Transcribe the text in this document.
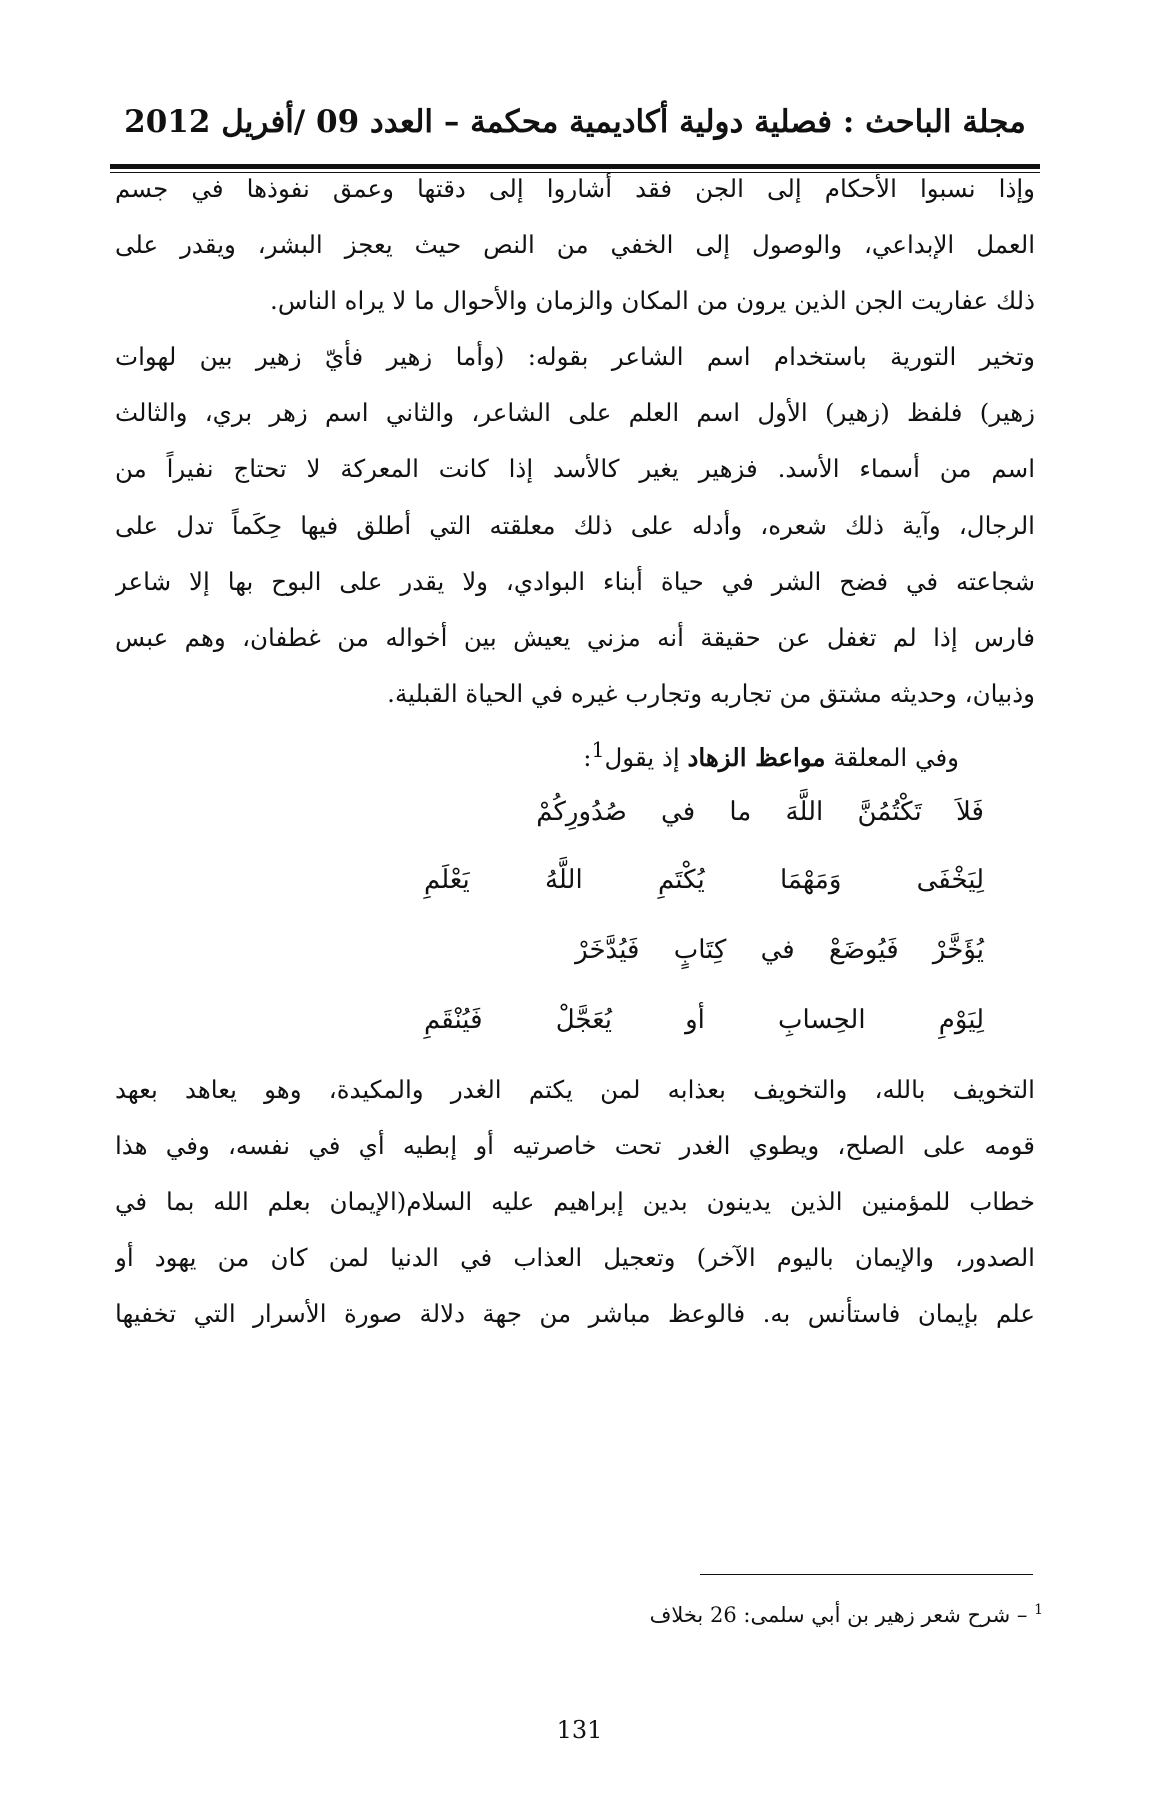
مجلة الباحث : فصلية دولية أكاديمية محكمة – العدد 09 /أفريل 2012
وإذا نسبوا الأحكام إلى الجن فقد أشاروا إلى دقتها وعمق نفوذها في جسم
العمل الإبداعي، والوصول إلى الخفي من النص حيث يعجز البشر، ويقدر على
ذلك عفاريت الجن الذين يرون من المكان والزمان والأحوال ما لا يراه الناس.
وتخير التورية باستخدام اسم الشاعر بقوله: (وأما زهير فأيّ زهير بين لهوات
زهير) فلفظ (زهير) الأول اسم العلم على الشاعر، والثاني اسم زهر بري، والثالث
اسم من أسماء الأسد. فزهير يغير كالأسد إذا كانت المعركة لا تحتاج نفيراً من
الرجال، وآية ذلك شعره، وأدله على ذلك معلقته التي أطلق فيها حِكَماً تدل على
شجاعته في فضح الشر في حياة أبناء البوادي، ولا يقدر على البوح بها إلا شاعر
فارس إذا لم تغفل عن حقيقة أنه مزني يعيش بين أخواله من غطفان، وهم عبس
وذبيان، وحديثه مشتق من تجاربه وتجارب غيره في الحياة القبلية.
وفي المعلقة مواعظ الزهاد إذ يقول$^1$:
فَلاَ  تَكْتُمُنَّ  اللَّهَ  ما  في  صُدُورِكُمْ
لِيَخْفَى وَمَهْمَا يُكْتَمِ اللَّهُ يَعْلَمِ
يُؤَخَّرْ  فَيُوضَعْ  في  كِتَابٍ  فَيُدَّخَرْ
لِيَوْمِ الحِسابِ أو يُعَجَّلْ فَيُنْقَمِ
التخويف بالله، والتخويف بعذابه لمن يكتم الغدر والمكيدة، وهو يعاهد بعهد
قومه على الصلح، ويطوي الغدر تحت خاصرتيه أو إبطيه أي في نفسه، وفي هذا
خطاب للمؤمنين الذين يدينون بدين إبراهيم عليه السلام(الإيمان بعلم الله بما في
الصدور، والإيمان باليوم الآخر) وتعجيل العذاب في الدنيا لمن كان من يهود أو
علم بإيمان فاستأنس به. فالوعظ مباشر من جهة دلالة صورة الأسرار التي تخفيها
$^1$ – شرح شعر زهير بن أبي سلمى: 26 بخلاف
131
